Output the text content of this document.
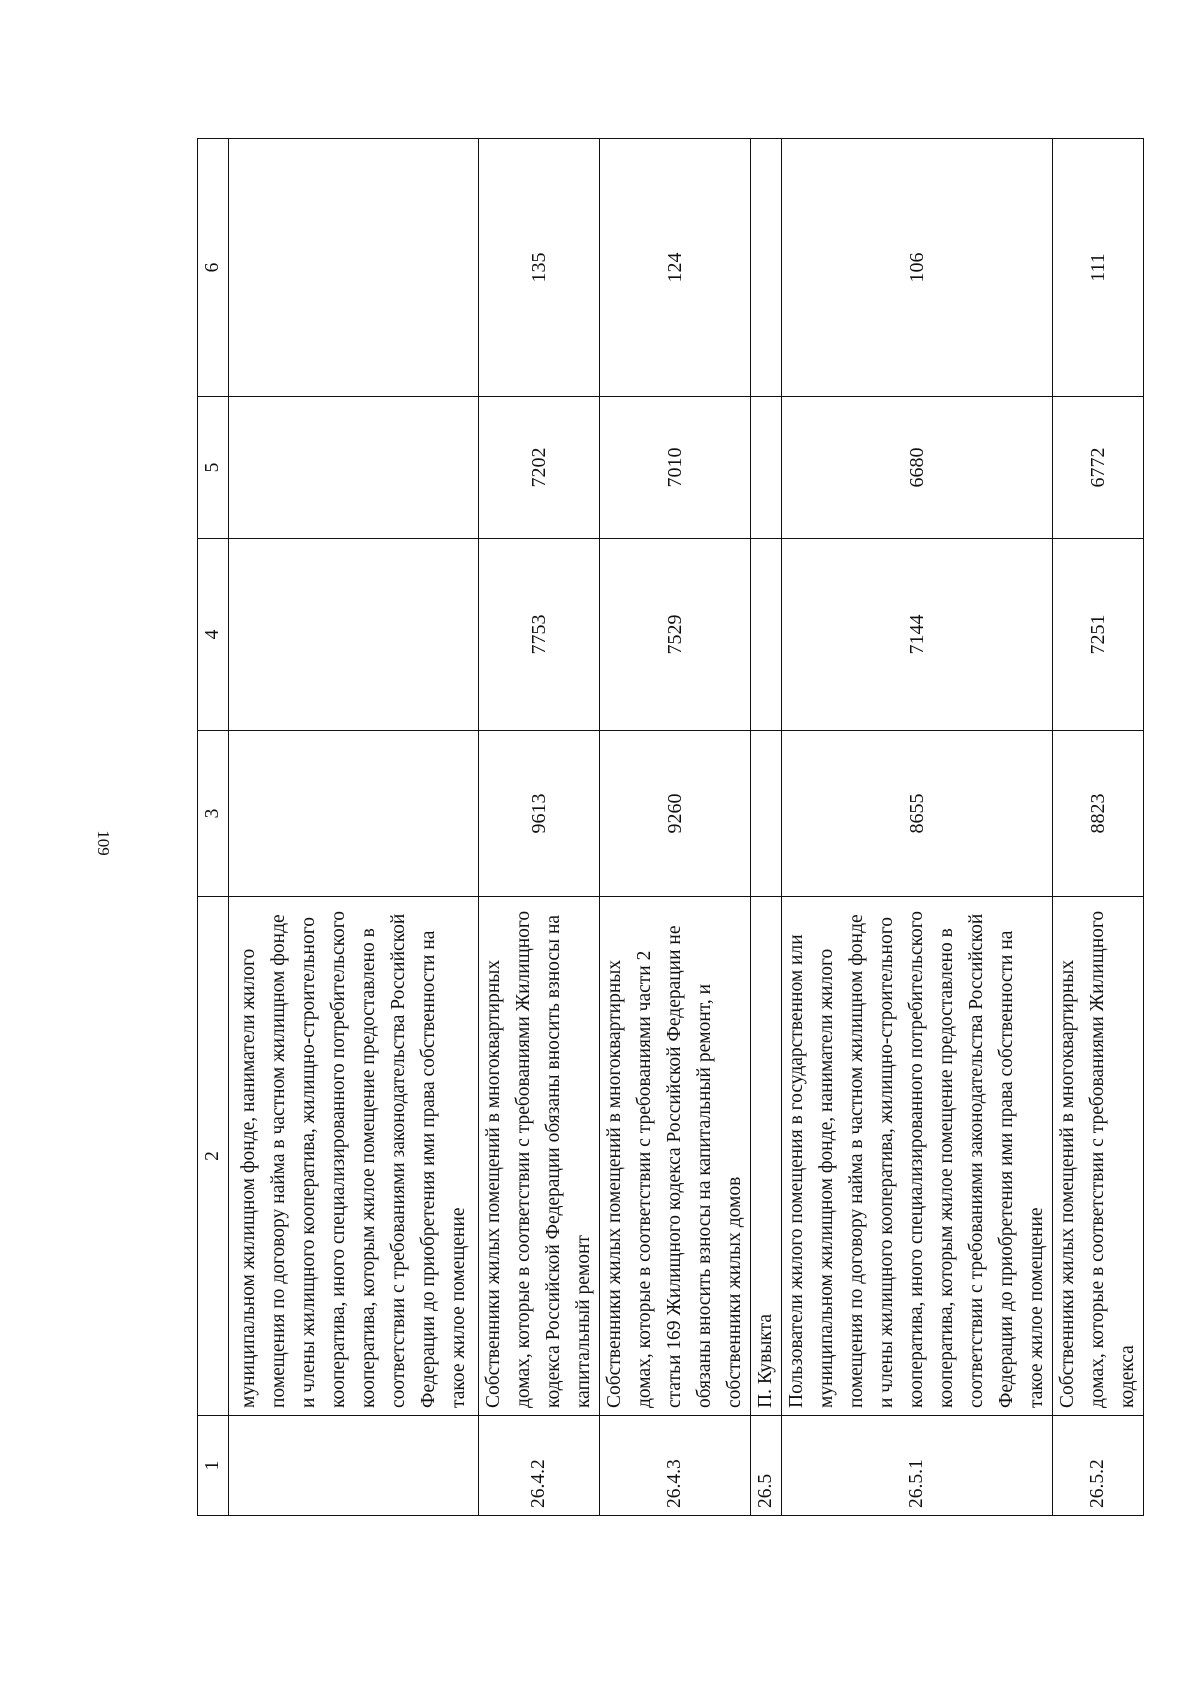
109
1	2	3	4	5	6
	муниципальном жилищном фонде, наниматели жилого помещения по договору найма в частном жилищном фонде и члены жилищного кооператива, жилищно-строительного кооператива, иного специализированного потребительского кооператива, которым жилое помещение предоставлено в соответствии с требованиями законодательства Российской Федерации до приобретения ими права собственности на такое жилое помещение				
26.4.2	Собственники жилых помещений в многоквартирных домах, которые в соответствии с требованиями Жилищного кодекса Российской Федерации обязаны вносить взносы на капитальный ремонт	9613	7753	7202	135
26.4.3	Собственники жилых помещений в многоквартирных домах, которые в соответствии с требованиями части 2 статьи 169 Жилищного кодекса Российской Федерации не обязаны вносить взносы на капитальный ремонт, и собственники жилых домов	9260	7529	7010	124
26.5	П. Кувыкта				
26.5.1	Пользователи жилого помещения в государственном или муниципальном жилищном фонде, наниматели жилого помещения по договору найма в частном жилищном фонде и члены жилищного кооператива, жилищно-строительного кооператива, иного специализированного потребительского кооператива, которым жилое помещение предоставлено в соответствии с требованиями законодательства Российской Федерации до приобретения ими права собственности на такое жилое помещение	8655	7144	6680	106
26.5.2	Собственники жилых помещений в многоквартирных домах, которые в соответствии с требованиями Жилищного кодекса	8823	7251	6772	111
